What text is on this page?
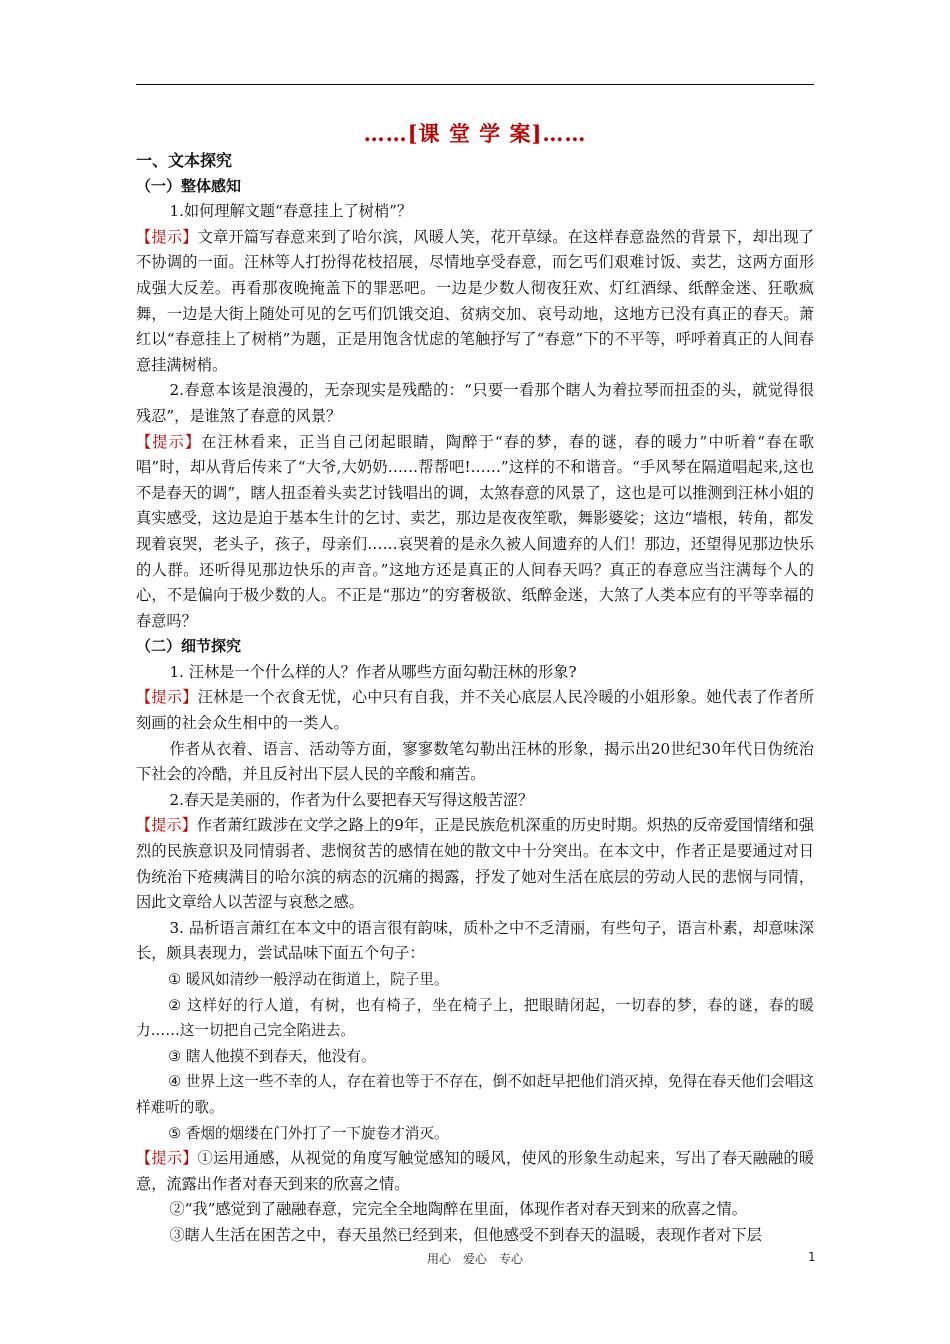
……[课 堂 学 案]……

一、文本探究

（一）整体感知

1.如何理解文题“春意挂上了树梢”？

【提示】文章开篇写春意来到了哈尔滨，风暖人笑，花开草绿。在这样春意盎然的背景下，却出现了不协调的一面。汪林等人打扮得花枝招展，尽情地享受春意，而乞丐们艰难讨饭、卖艺，这两方面形成强大反差。再看那夜晚掩盖下的罪恶吧。一边是少数人彻夜狂欢、灯红酒绿、纸醉金迷、狂歌疯舞，一边是大街上随处可见的乞丐们饥饿交迫、贫病交加、哀号动地，这地方已没有真正的春天。萧红以“春意挂上了树梢”为题，正是用饱含忧虑的笔触抒写了“春意”下的不平等，呼呼着真正的人间春意挂满树梢。

2.春意本该是浪漫的，无奈现实是残酷的：“只要一看那个瞎人为着拉琴而扭歪的头，就觉得很残忍”，是谁煞了春意的风景？

【提示】在汪林看来，正当自己闭起眼睛，陶醉于“春的梦，春的谜，春的暖力”中听着“春在歌唱”时，却从背后传来了“大爷,大奶奶……帮帮吧!……”这样的不和谐音。“手风琴在隔道唱起来,这也不是春天的调”，瞎人扭歪着头卖艺讨钱唱出的调，太煞春意的风景了，这也是可以推测到汪林小姐的真实感受，这边是迫于基本生计的乞讨、卖艺，那边是夜夜笙歌，舞影婆娑；这边“墙根，转角，都发现着哀哭，老头子，孩子，母亲们……哀哭着的是永久被人间遗弃的人们！那边，还望得见那边快乐的人群。还听得见那边快乐的声音。”这地方还是真正的人间春天吗？真正的春意应当注满每个人的心，不是偏向于极少数的人。不正是“那边”的穷奢极欲、纸醉金迷，大煞了人类本应有的平等幸福的春意吗？

（二）细节探究

1. 汪林是一个什么样的人？作者从哪些方面勾勒汪林的形象?

【提示】汪林是一个衣食无忧，心中只有自我，并不关心底层人民冷暖的小姐形象。她代表了作者所刻画的社会众生相中的一类人。

作者从衣着、语言、活动等方面，寥寥数笔勾勒出汪林的形象，揭示出20世纪30年代日伪统治下社会的冷酷，并且反衬出下层人民的辛酸和痛苦。

2.春天是美丽的，作者为什么要把春天写得这般苦涩？

【提示】作者萧红跋涉在文学之路上的9年，正是民族危机深重的历史时期。炽热的反帝爱国情绪和强烈的民族意识及同情弱者、悲悯贫苦的感情在她的散文中十分突出。在本文中，作者正是要通过对日伪统治下疮痍满目的哈尔滨的病态的沉痛的揭露，抒发了她对生活在底层的劳动人民的悲悯与同情，因此文章给人以苦涩与哀愁之感。

3. 品析语言萧红在本文中的语言很有韵味，质朴之中不乏清丽，有些句子，语言朴素，却意味深长，颇具表现力，尝试品味下面五个句子：

① 暖风如清纱一般浮动在街道上，院子里。

② 这样好的行人道，有树，也有椅子，坐在椅子上，把眼睛闭起，一切春的梦，春的谜，春的暖力……这一切把自己完全陷进去。

③ 瞎人他摸不到春天，他没有。

④ 世界上这一些不幸的人，存在着也等于不存在，倒不如赶早把他们消灭掉，免得在春天他们会唱这样难听的歌。

⑤ 香烟的烟缕在门外打了一下旋卷才消灭。

【提示】①运用通感，从视觉的角度写触觉感知的暖风，使风的形象生动起来，写出了春天融融的暖意，流露出作者对春天到来的欣喜之情。

②“我”感觉到了融融春意，完完全全地陶醉在里面，体现作者对春天到来的欣喜之情。

③瞎人生活在困苦之中，春天虽然已经到来，但他感受不到春天的温暖，表现作者对下层

用心　爱心　专心	1
